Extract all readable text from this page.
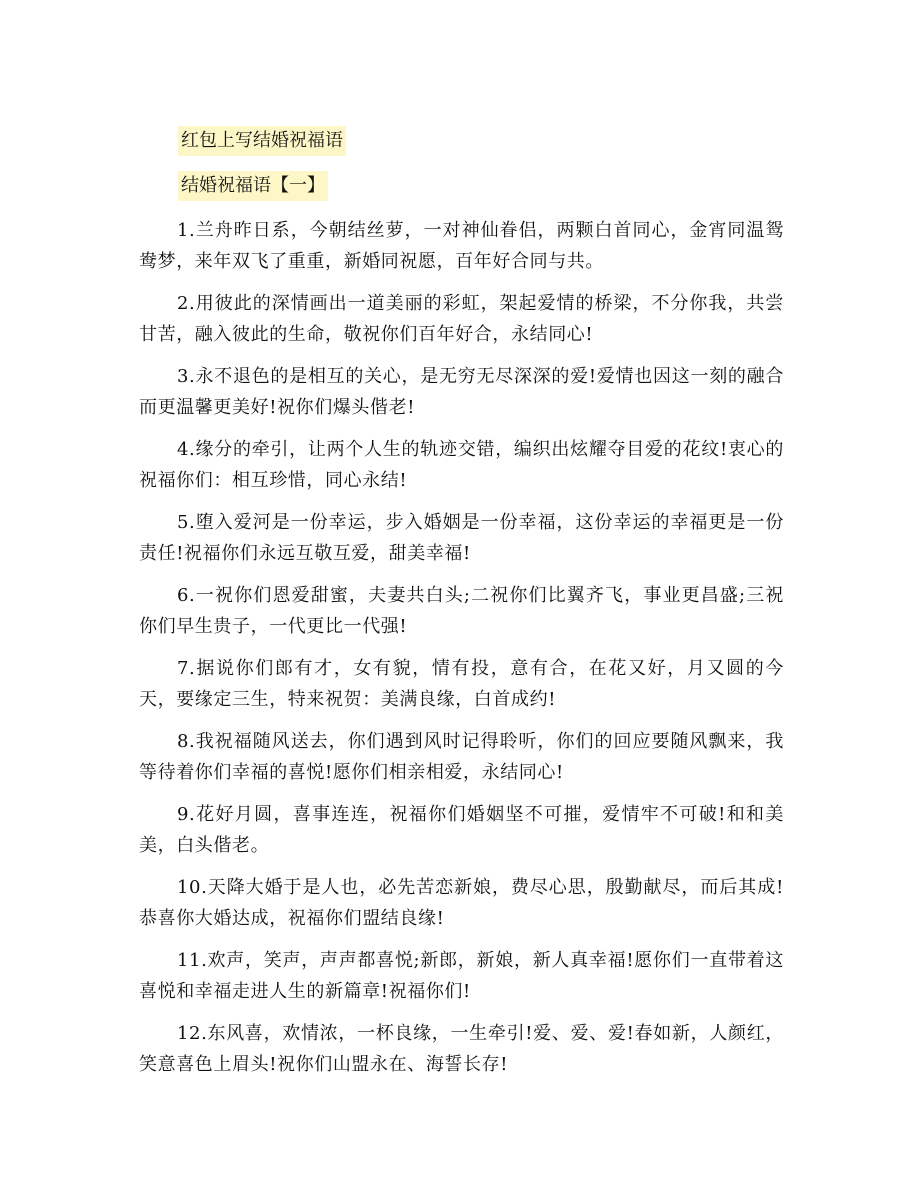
红包上写结婚祝福语
结婚祝福语【一】
1.兰舟昨日系，今朝结丝萝，一对神仙眷侣，两颗白首同心，金宵同温鸳鸯梦，来年双飞了重重，新婚同祝愿，百年好合同与共。
2.用彼此的深情画出一道美丽的彩虹，架起爱情的桥梁，不分你我，共尝甘苦，融入彼此的生命，敬祝你们百年好合，永结同心!
3.永不退色的是相互的关心，是无穷无尽深深的爱!爱情也因这一刻的融合而更温馨更美好!祝你们爆头偕老!
4.缘分的牵引，让两个人生的轨迹交错，编织出炫耀夺目爱的花纹!衷心的祝福你们：相互珍惜，同心永结!
5.堕入爱河是一份幸运，步入婚姻是一份幸福，这份幸运的幸福更是一份责任!祝福你们永远互敬互爱，甜美幸福!
6.一祝你们恩爱甜蜜，夫妻共白头;二祝你们比翼齐飞，事业更昌盛;三祝你们早生贵子，一代更比一代强!
7.据说你们郎有才，女有貌，情有投，意有合，在花又好，月又圆的今天，要缘定三生，特来祝贺：美满良缘，白首成约!
8.我祝福随风送去，你们遇到风时记得聆听，你们的回应要随风飘来，我等待着你们幸福的喜悦!愿你们相亲相爱，永结同心!
9.花好月圆，喜事连连，祝福你们婚姻坚不可摧，爱情牢不可破!和和美美，白头偕老。
10.天降大婚于是人也，必先苦恋新娘，费尽心思，殷勤献尽，而后其成!恭喜你大婚达成，祝福你们盟结良缘!
11.欢声，笑声，声声都喜悦;新郎，新娘，新人真幸福!愿你们一直带着这喜悦和幸福走进人生的新篇章!祝福你们!
12.东风喜，欢情浓，一杯良缘，一生牵引!爱、爱、爱!春如新，人颜红，笑意喜色上眉头!祝你们山盟永在、海誓长存!
